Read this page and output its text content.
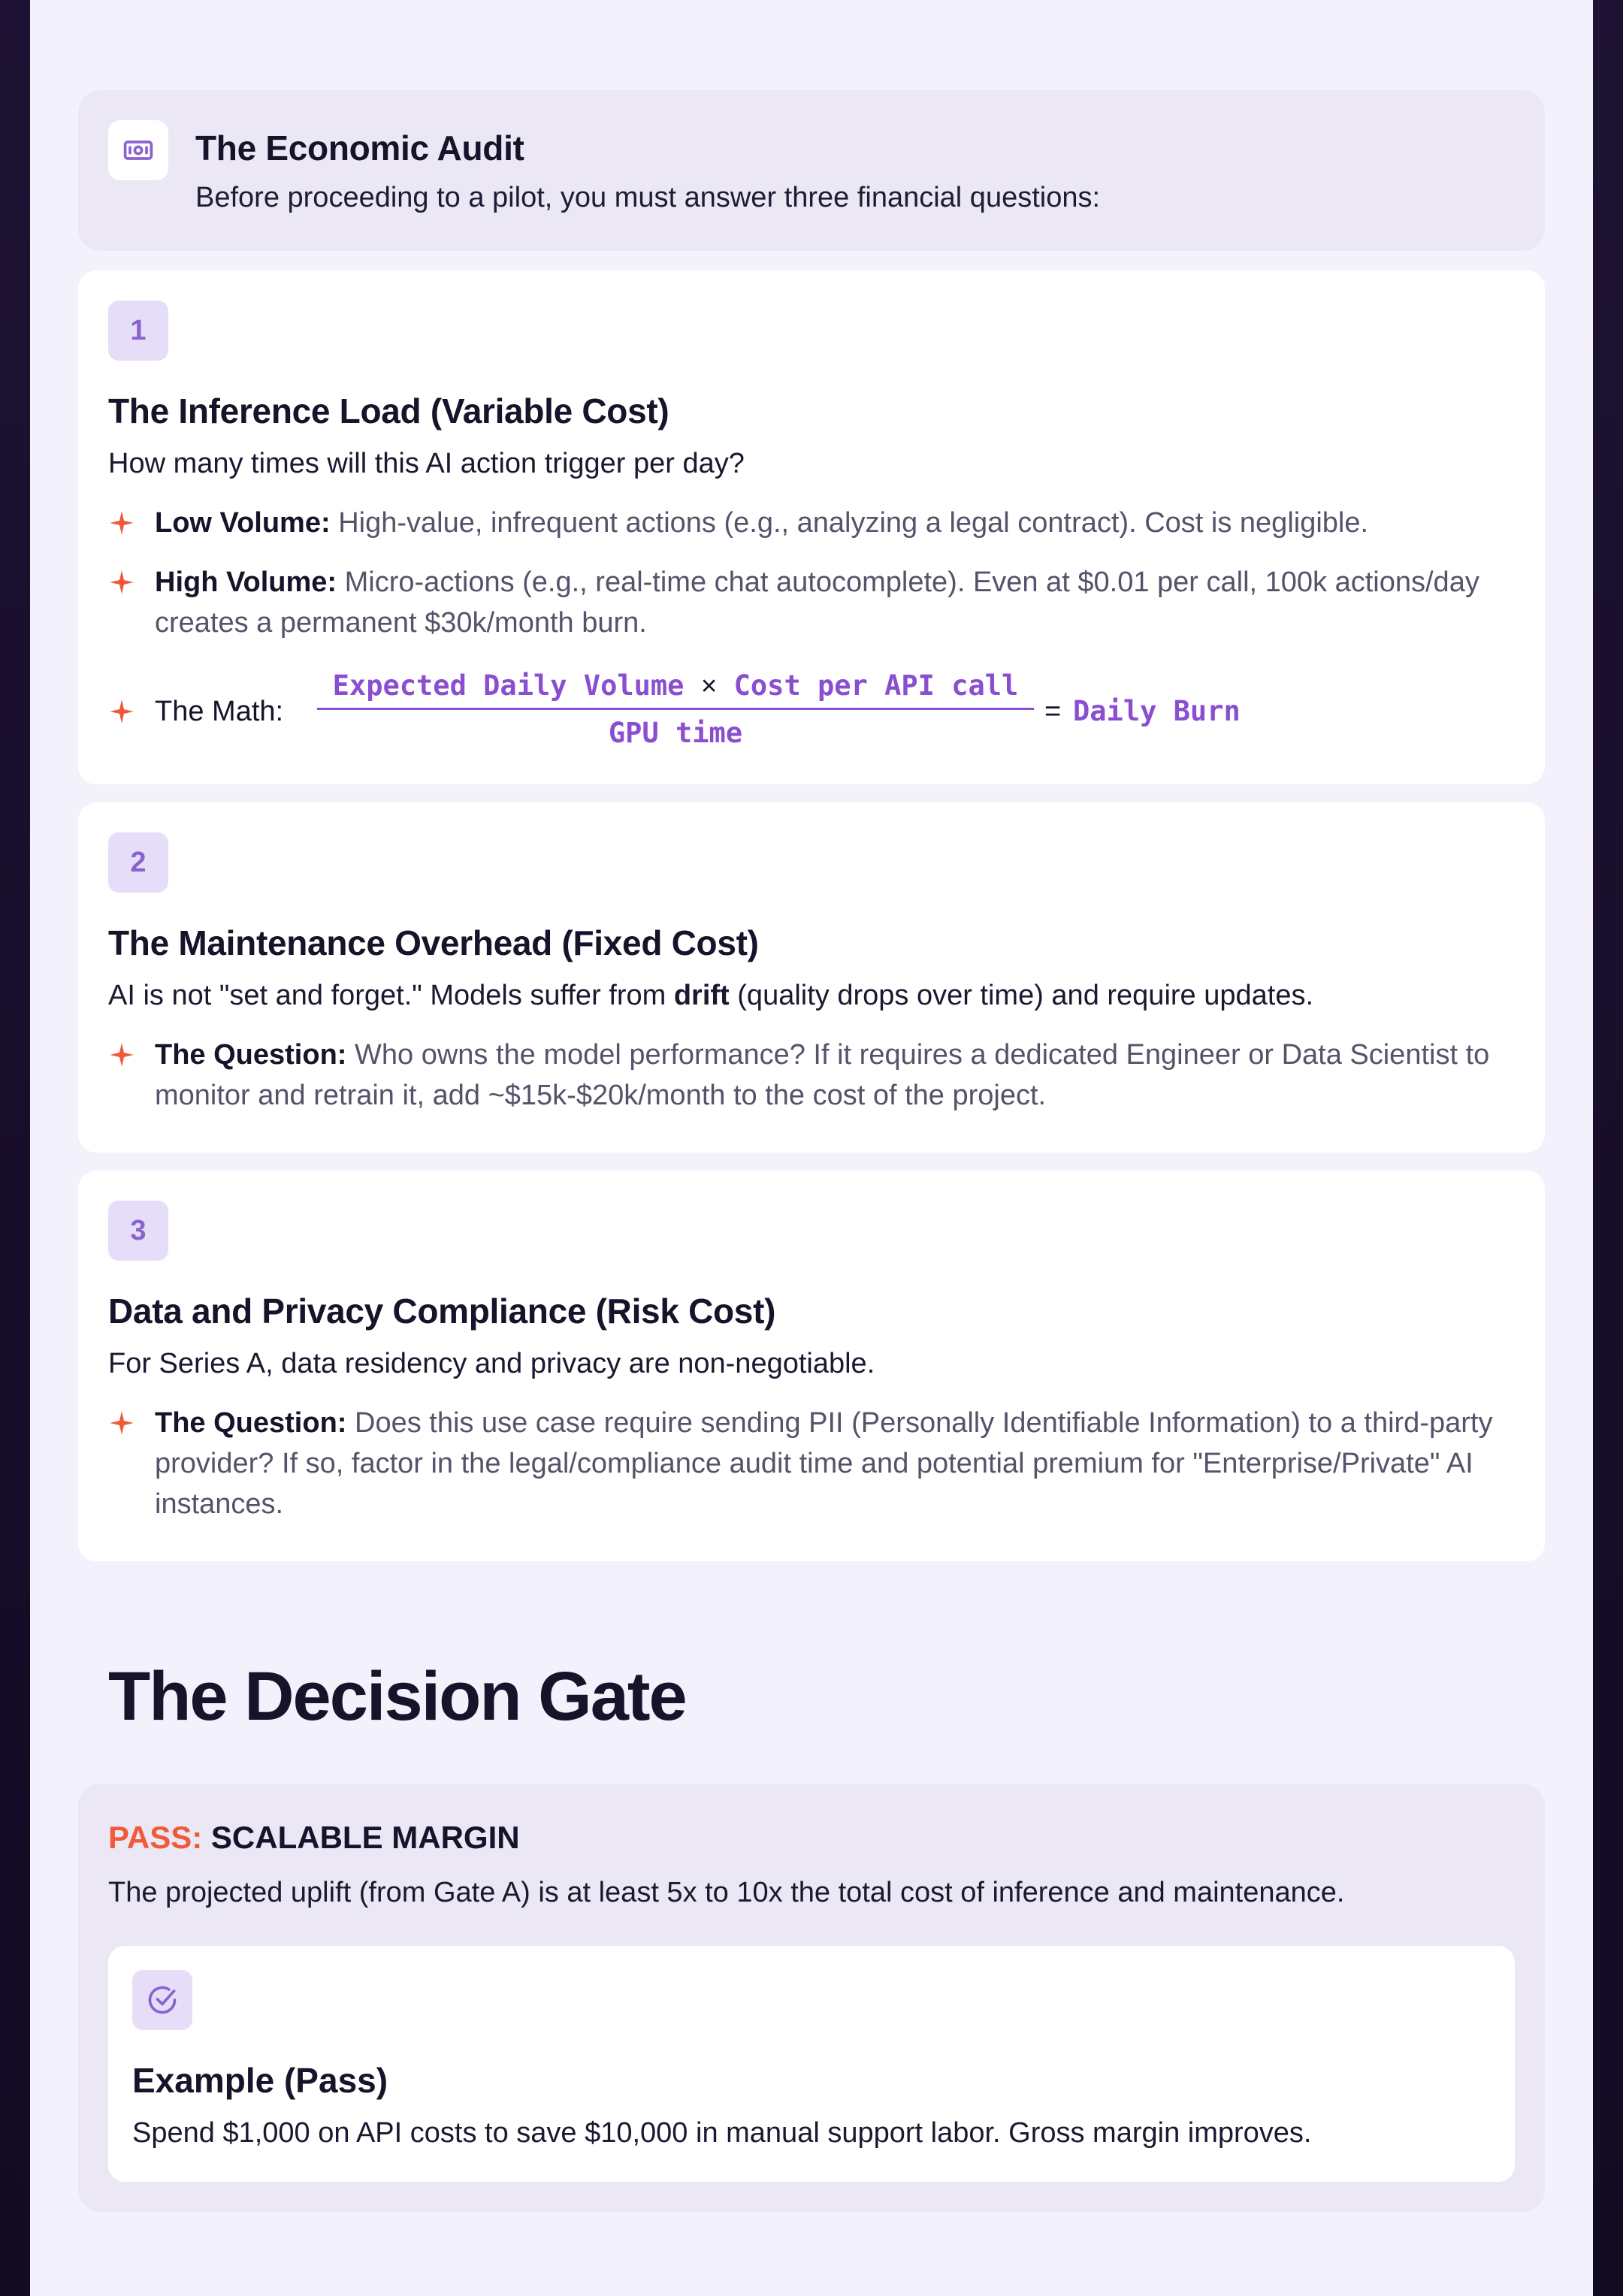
The Economic Audit
Before proceeding to a pilot, you must answer three financial questions:
1
The Inference Load (Variable Cost)
How many times will this AI action trigger per day?
Low Volume: High-value, infrequent actions (e.g., analyzing a legal contract). Cost is negligible.
High Volume: Micro-actions (e.g., real-time chat autocomplete). Even at $0.01 per call, 100k actions/day creates a permanent $30k/month burn.
The Math:
Expected Daily Volume × Cost per API call
GPU time
= Daily Burn
2
The Maintenance Overhead (Fixed Cost)
AI is not "set and forget." Models suffer from drift (quality drops over time) and require updates.
The Question: Who owns the model performance? If it requires a dedicated Engineer or Data Scientist to monitor and retrain it, add ~$15k-$20k/month to the cost of the project.
3
Data and Privacy Compliance (Risk Cost)
For Series A, data residency and privacy are non-negotiable.
The Question: Does this use case require sending PII (Personally Identifiable Information) to a third-party provider? If so, factor in the legal/compliance audit time and potential premium for "Enterprise/Private" AI instances.
The Decision Gate
PASS: SCALABLE MARGIN
The projected uplift (from Gate A) is at least 5x to 10x the total cost of inference and maintenance.
Example (Pass)
Spend $1,000 on API costs to save $10,000 in manual support labor. Gross margin improves.
